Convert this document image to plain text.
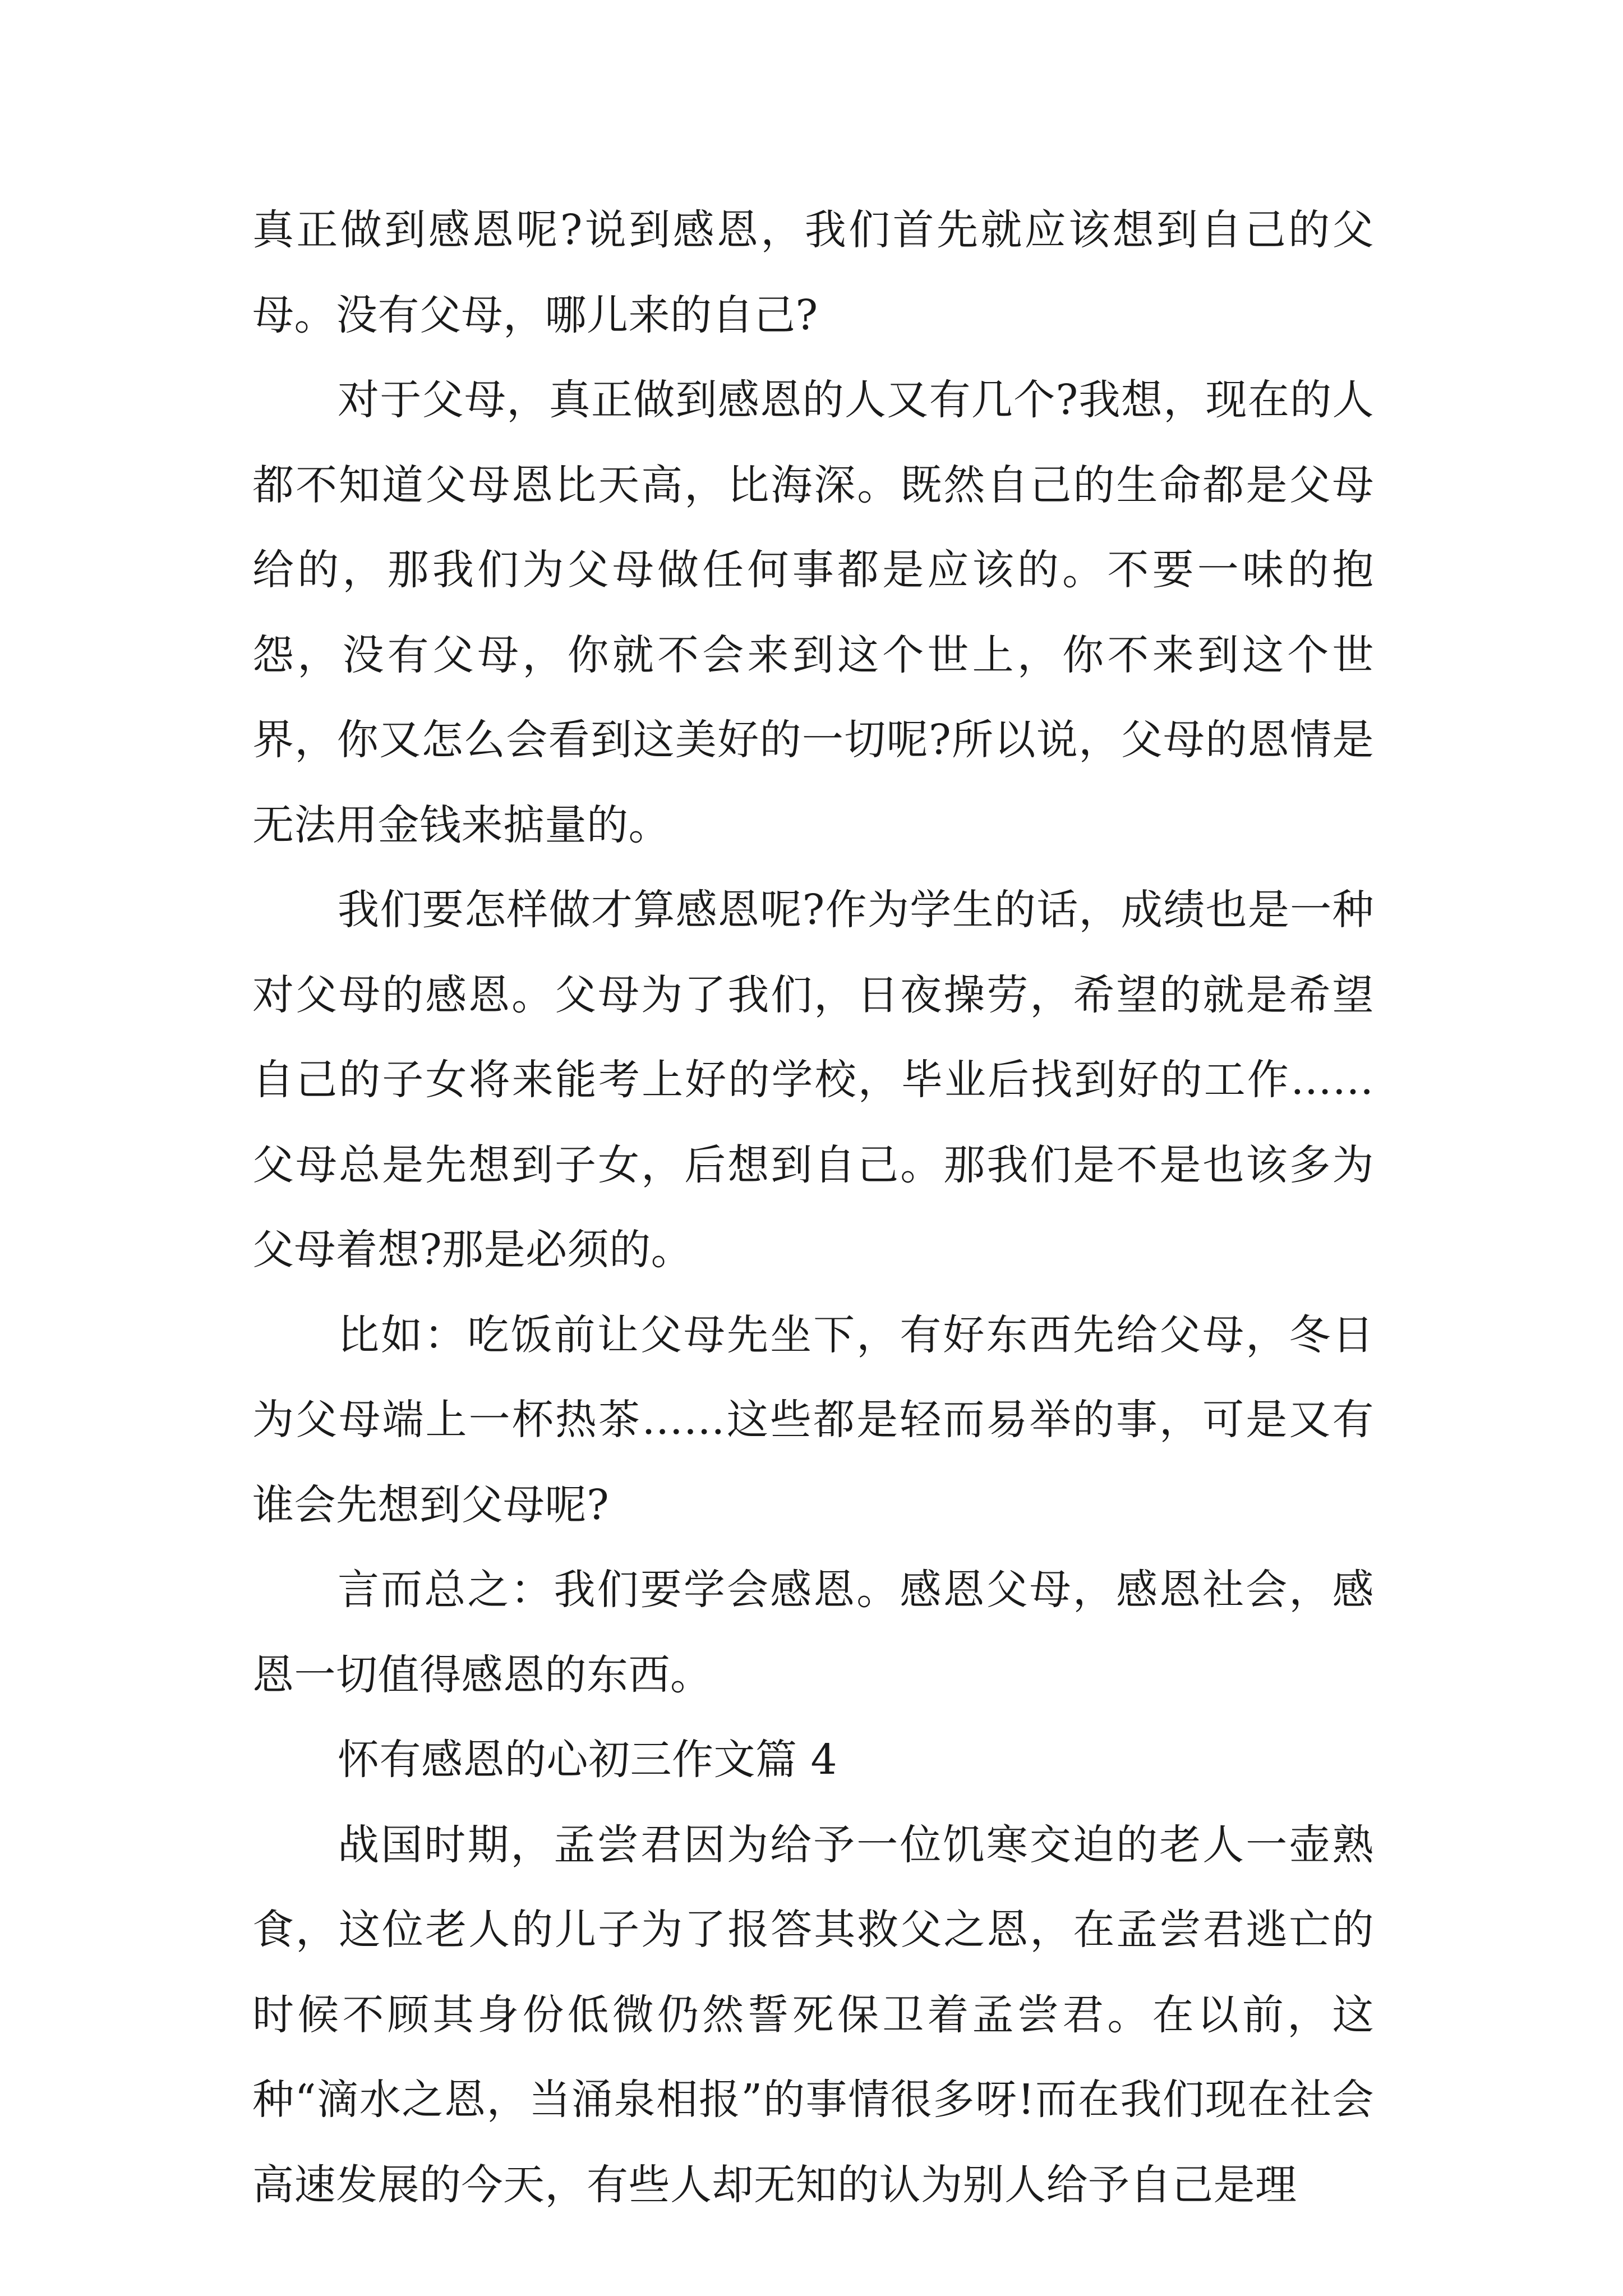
真正做到感恩呢?说到感恩，我们首先就应该想到自己的父母。没有父母，哪儿来的自己?

对于父母，真正做到感恩的人又有几个?我想，现在的人都不知道父母恩比天高，比海深。既然自己的生命都是父母给的，那我们为父母做任何事都是应该的。不要一味的抱怨，没有父母，你就不会来到这个世上，你不来到这个世界，你又怎么会看到这美好的一切呢?所以说，父母的恩情是无法用金钱来掂量的。

我们要怎样做才算感恩呢?作为学生的话，成绩也是一种对父母的感恩。父母为了我们，日夜操劳，希望的就是希望自己的子女将来能考上好的学校，毕业后找到好的工作……父母总是先想到子女，后想到自己。那我们是不是也该多为父母着想?那是必须的。

比如：吃饭前让父母先坐下，有好东西先给父母，冬日为父母端上一杯热茶……这些都是轻而易举的事，可是又有谁会先想到父母呢?

言而总之：我们要学会感恩。感恩父母，感恩社会，感恩一切值得感恩的东西。

怀有感恩的心初三作文篇 4

战国时期，孟尝君因为给予一位饥寒交迫的老人一壶熟食，这位老人的儿子为了报答其救父之恩，在孟尝君逃亡的时候不顾其身份低微仍然誓死保卫着孟尝君。在以前，这种“滴水之恩，当涌泉相报”的事情很多呀!而在我们现在社会高速发展的今天，有些人却无知的认为别人给予自己是理
